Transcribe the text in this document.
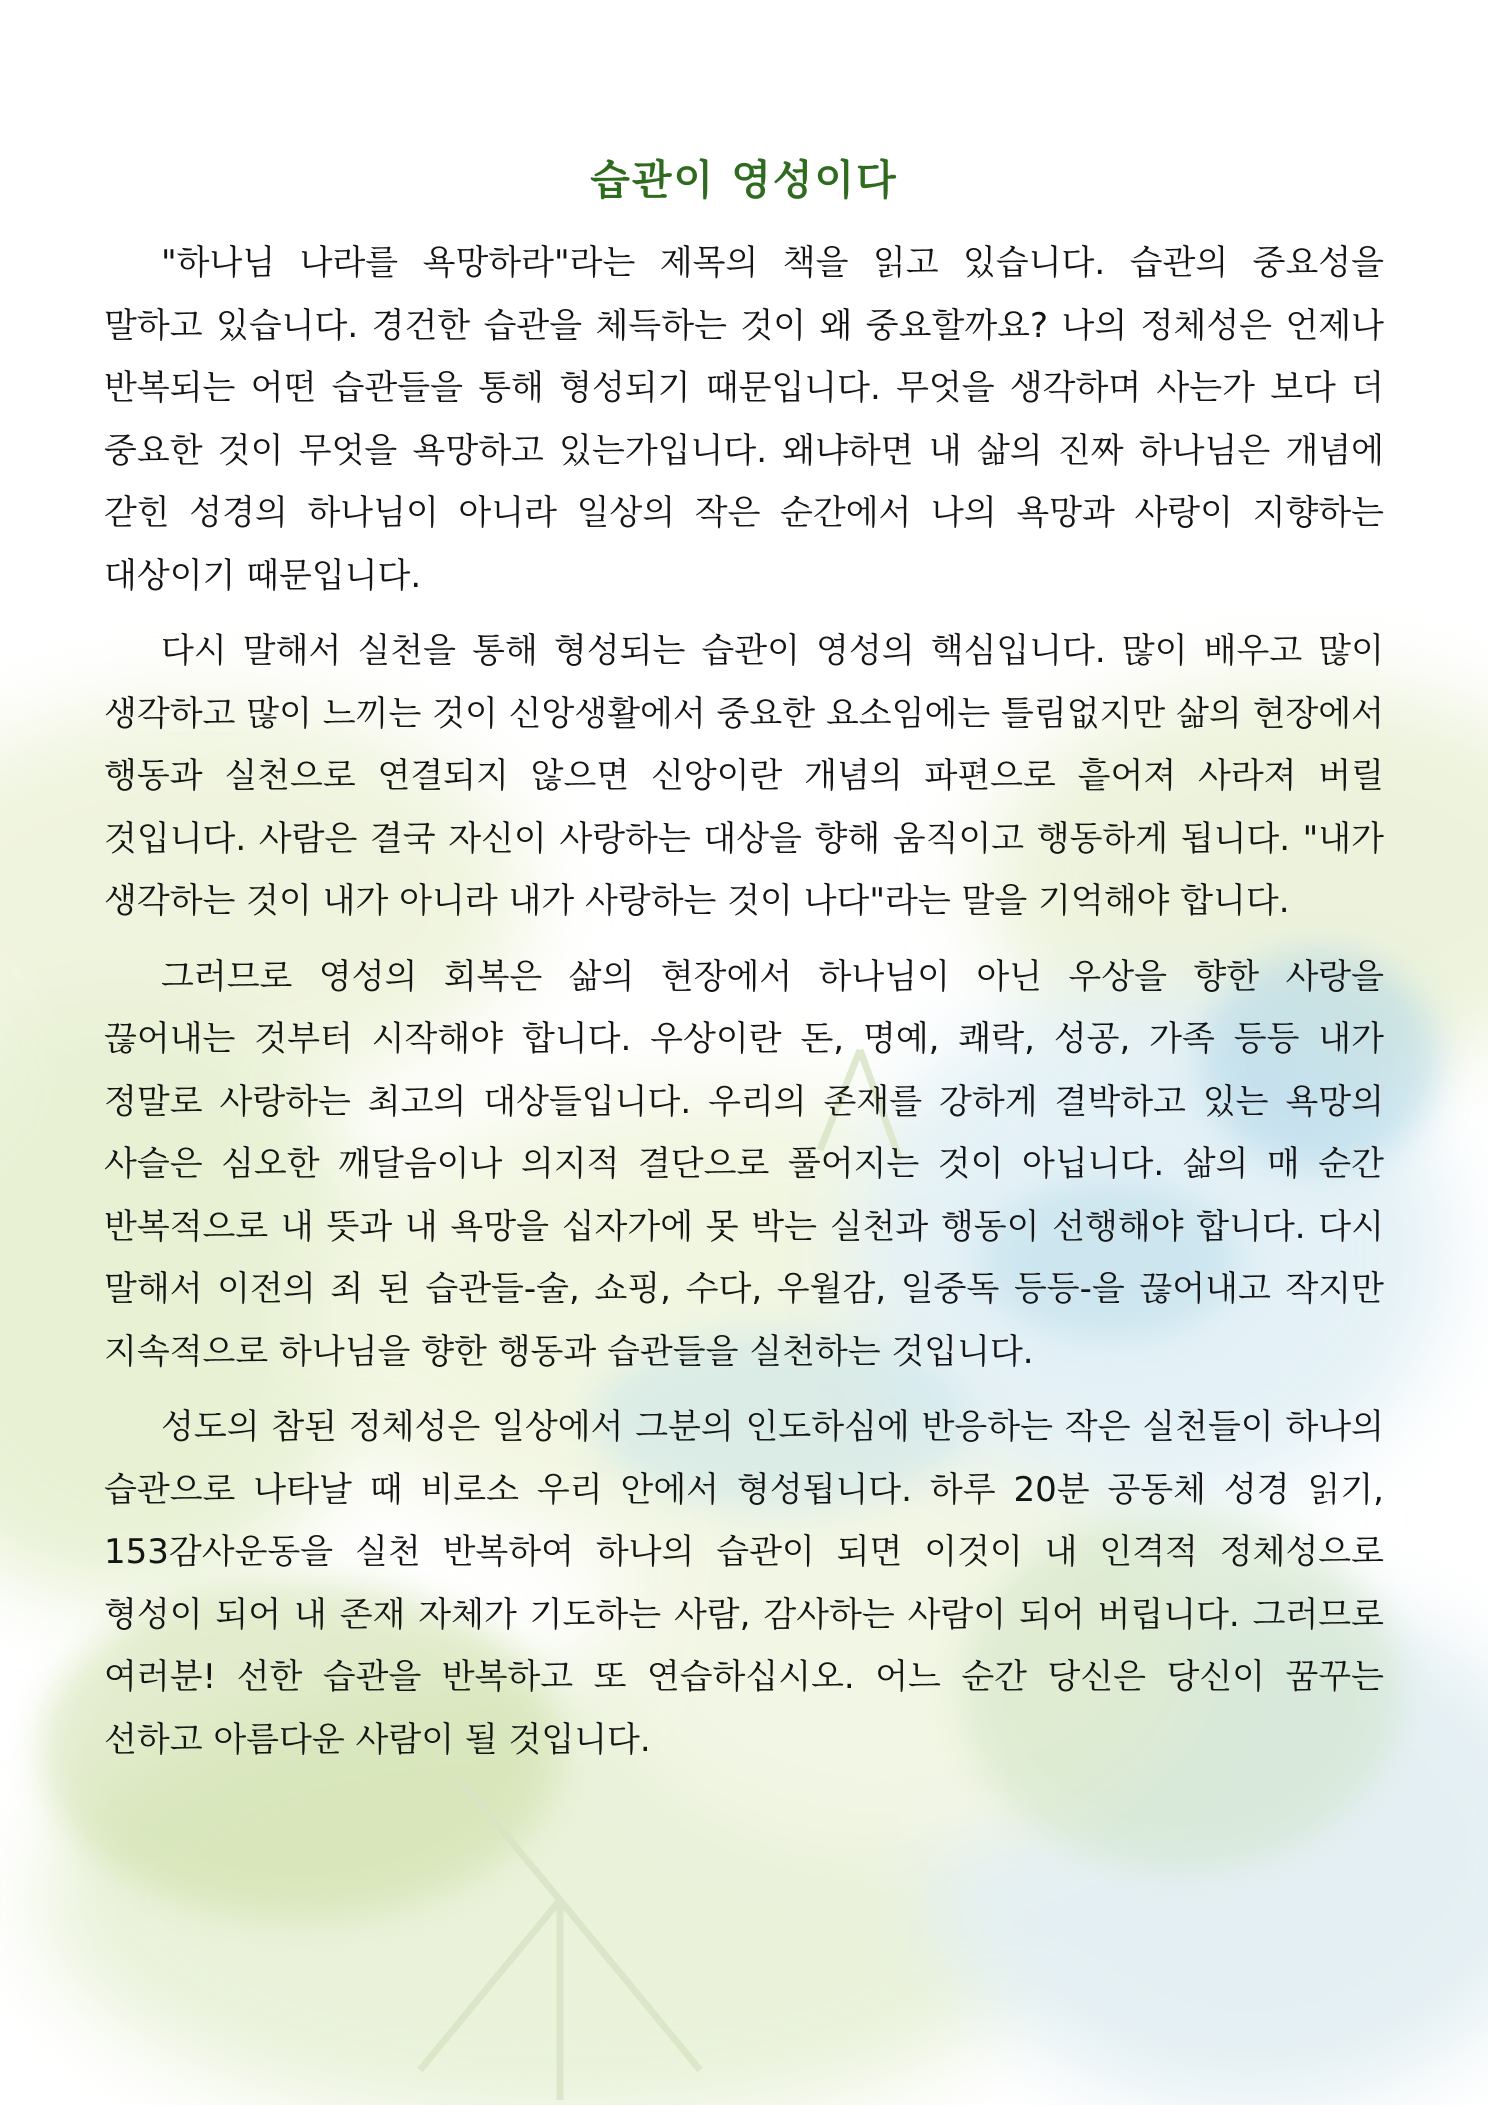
습관이 영성이다

"하나님 나라를 욕망하라"라는 제목의 책을 읽고 있습니다. 습관의 중요성을 말하고 있습니다. 경건한 습관을 체득하는 것이 왜 중요할까요? 나의 정체성은 언제나 반복되는 어떤 습관들을 통해 형성되기 때문입니다. 무엇을 생각하며 사는가 보다 더 중요한 것이 무엇을 욕망하고 있는가입니다. 왜냐하면 내 삶의 진짜 하나님은 개념에 갇힌 성경의 하나님이 아니라 일상의 작은 순간에서 나의 욕망과 사랑이 지향하는 대상이기 때문입니다.

다시 말해서 실천을 통해 형성되는 습관이 영성의 핵심입니다. 많이 배우고 많이 생각하고 많이 느끼는 것이 신앙생활에서 중요한 요소임에는 틀림없지만 삶의 현장에서 행동과 실천으로 연결되지 않으면 신앙이란 개념의 파편으로 흩어져 사라져 버릴 것입니다. 사람은 결국 자신이 사랑하는 대상을 향해 움직이고 행동하게 됩니다. "내가 생각하는 것이 내가 아니라 내가 사랑하는 것이 나다"라는 말을 기억해야 합니다.

그러므로 영성의 회복은 삶의 현장에서 하나님이 아닌 우상을 향한 사랑을 끊어내는 것부터 시작해야 합니다. 우상이란 돈, 명예, 쾌락, 성공, 가족 등등 내가 정말로 사랑하는 최고의 대상들입니다. 우리의 존재를 강하게 결박하고 있는 욕망의 사슬은 심오한 깨달음이나 의지적 결단으로 풀어지는 것이 아닙니다. 삶의 매 순간 반복적으로 내 뜻과 내 욕망을 십자가에 못 박는 실천과 행동이 선행해야 합니다. 다시 말해서 이전의 죄 된 습관들-술, 쇼핑, 수다, 우월감, 일중독 등등-을 끊어내고 작지만 지속적으로 하나님을 향한 행동과 습관들을 실천하는 것입니다.

성도의 참된 정체성은 일상에서 그분의 인도하심에 반응하는 작은 실천들이 하나의 습관으로 나타날 때 비로소 우리 안에서 형성됩니다. 하루 20분 공동체 성경 읽기, 153감사운동을 실천 반복하여 하나의 습관이 되면 이것이 내 인격적 정체성으로 형성이 되어 내 존재 자체가 기도하는 사람, 감사하는 사람이 되어 버립니다. 그러므로 여러분! 선한 습관을 반복하고 또 연습하십시오. 어느 순간 당신은 당신이 꿈꾸는 선하고 아름다운 사람이 될 것입니다.
